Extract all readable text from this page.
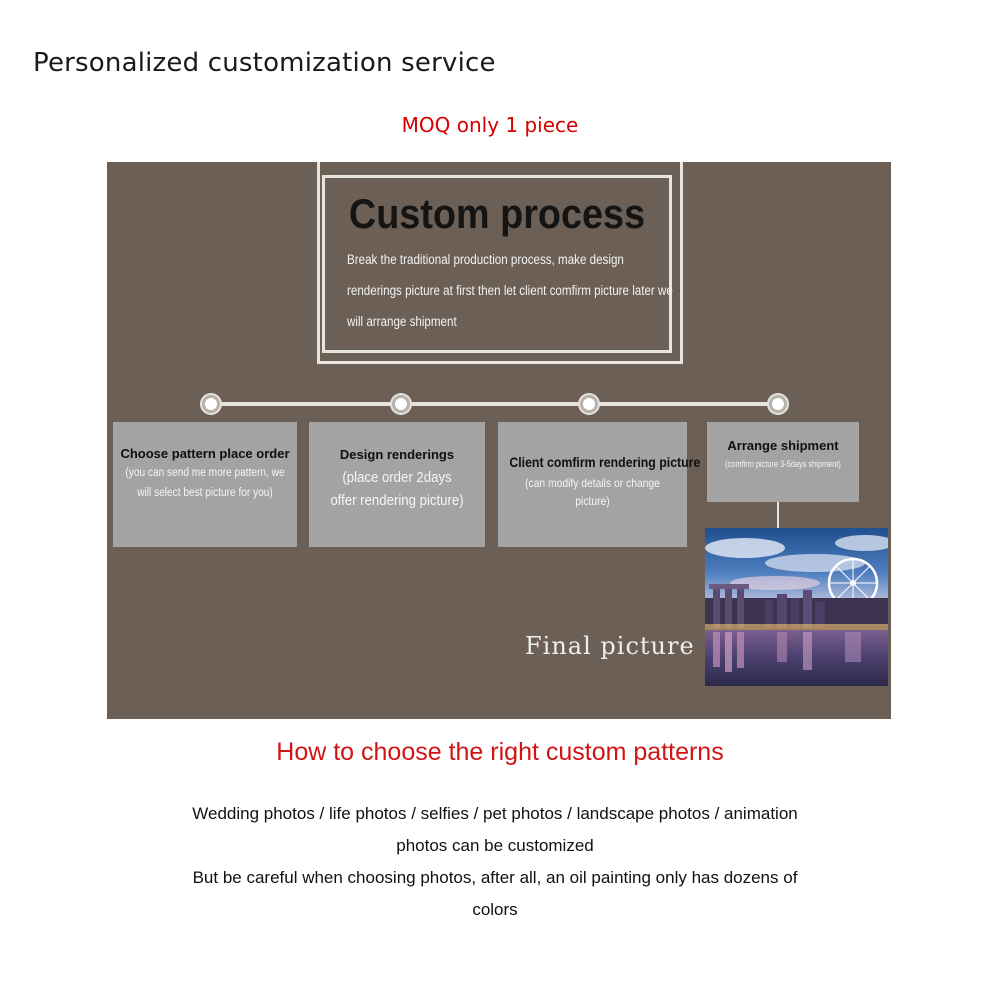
Personalized customization service
MOQ only 1 piece
Custom process
Break the traditional production process, make design
renderings picture at first then let client comfirm picture later we
will arrange shipment
Choose pattern place order
(you can send me more pattern, we
will select best picture for you)
Design renderings
(place order 2days
offer rendering picture)
Client comfirm rendering picture
(can modify details or change picture)
Arrange shipment
(comfirm picture 3-5days shipment)
Final picture
How to choose the right custom patterns
Wedding photos / life photos / selfies / pet photos / landscape photos / animation
photos can be customized
But be careful when choosing photos, after all, an oil painting only has dozens of
colors
